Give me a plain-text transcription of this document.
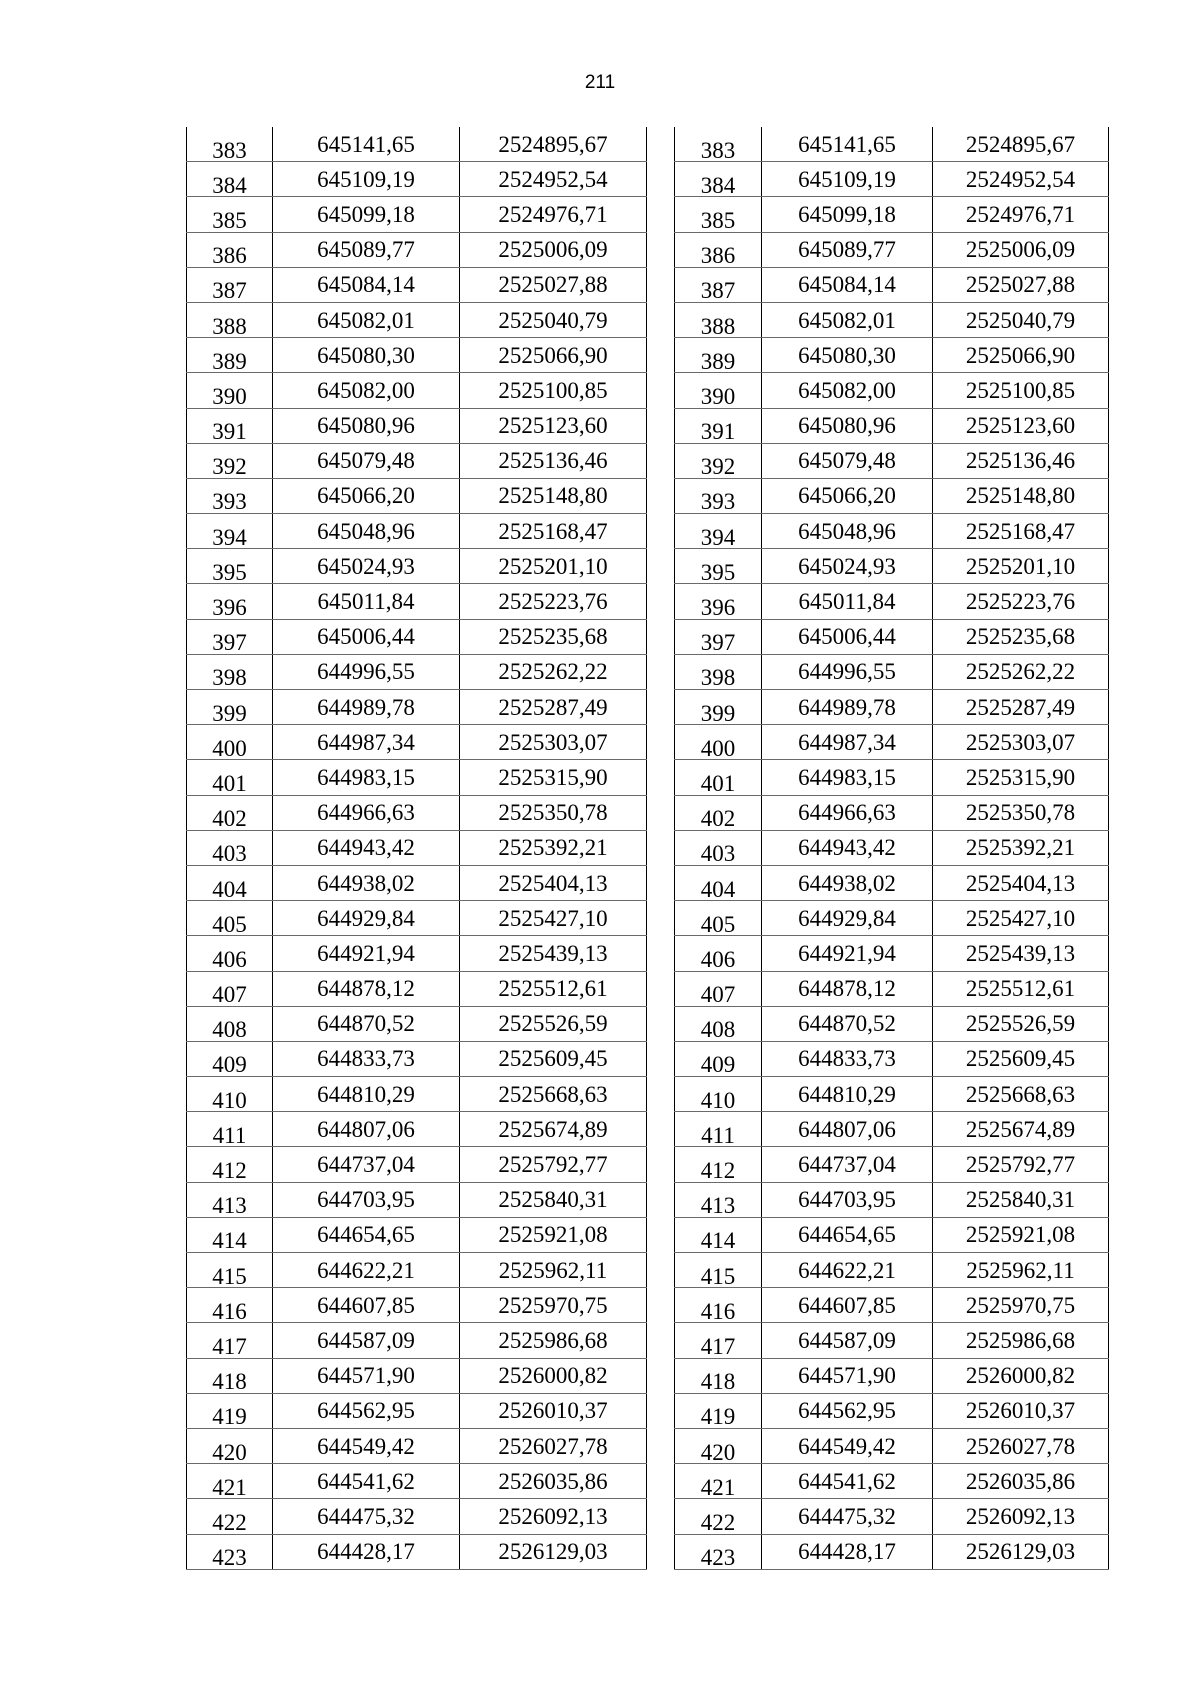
211
383	645141,65	2524895,67
384	645109,19	2524952,54
385	645099,18	2524976,71
386	645089,77	2525006,09
387	645084,14	2525027,88
388	645082,01	2525040,79
389	645080,30	2525066,90
390	645082,00	2525100,85
391	645080,96	2525123,60
392	645079,48	2525136,46
393	645066,20	2525148,80
394	645048,96	2525168,47
395	645024,93	2525201,10
396	645011,84	2525223,76
397	645006,44	2525235,68
398	644996,55	2525262,22
399	644989,78	2525287,49
400	644987,34	2525303,07
401	644983,15	2525315,90
402	644966,63	2525350,78
403	644943,42	2525392,21
404	644938,02	2525404,13
405	644929,84	2525427,10
406	644921,94	2525439,13
407	644878,12	2525512,61
408	644870,52	2525526,59
409	644833,73	2525609,45
410	644810,29	2525668,63
411	644807,06	2525674,89
412	644737,04	2525792,77
413	644703,95	2525840,31
414	644654,65	2525921,08
415	644622,21	2525962,11
416	644607,85	2525970,75
417	644587,09	2525986,68
418	644571,90	2526000,82
419	644562,95	2526010,37
420	644549,42	2526027,78
421	644541,62	2526035,86
422	644475,32	2526092,13
423	644428,17	2526129,03
383	645141,65	2524895,67
384	645109,19	2524952,54
385	645099,18	2524976,71
386	645089,77	2525006,09
387	645084,14	2525027,88
388	645082,01	2525040,79
389	645080,30	2525066,90
390	645082,00	2525100,85
391	645080,96	2525123,60
392	645079,48	2525136,46
393	645066,20	2525148,80
394	645048,96	2525168,47
395	645024,93	2525201,10
396	645011,84	2525223,76
397	645006,44	2525235,68
398	644996,55	2525262,22
399	644989,78	2525287,49
400	644987,34	2525303,07
401	644983,15	2525315,90
402	644966,63	2525350,78
403	644943,42	2525392,21
404	644938,02	2525404,13
405	644929,84	2525427,10
406	644921,94	2525439,13
407	644878,12	2525512,61
408	644870,52	2525526,59
409	644833,73	2525609,45
410	644810,29	2525668,63
411	644807,06	2525674,89
412	644737,04	2525792,77
413	644703,95	2525840,31
414	644654,65	2525921,08
415	644622,21	2525962,11
416	644607,85	2525970,75
417	644587,09	2525986,68
418	644571,90	2526000,82
419	644562,95	2526010,37
420	644549,42	2526027,78
421	644541,62	2526035,86
422	644475,32	2526092,13
423	644428,17	2526129,03
